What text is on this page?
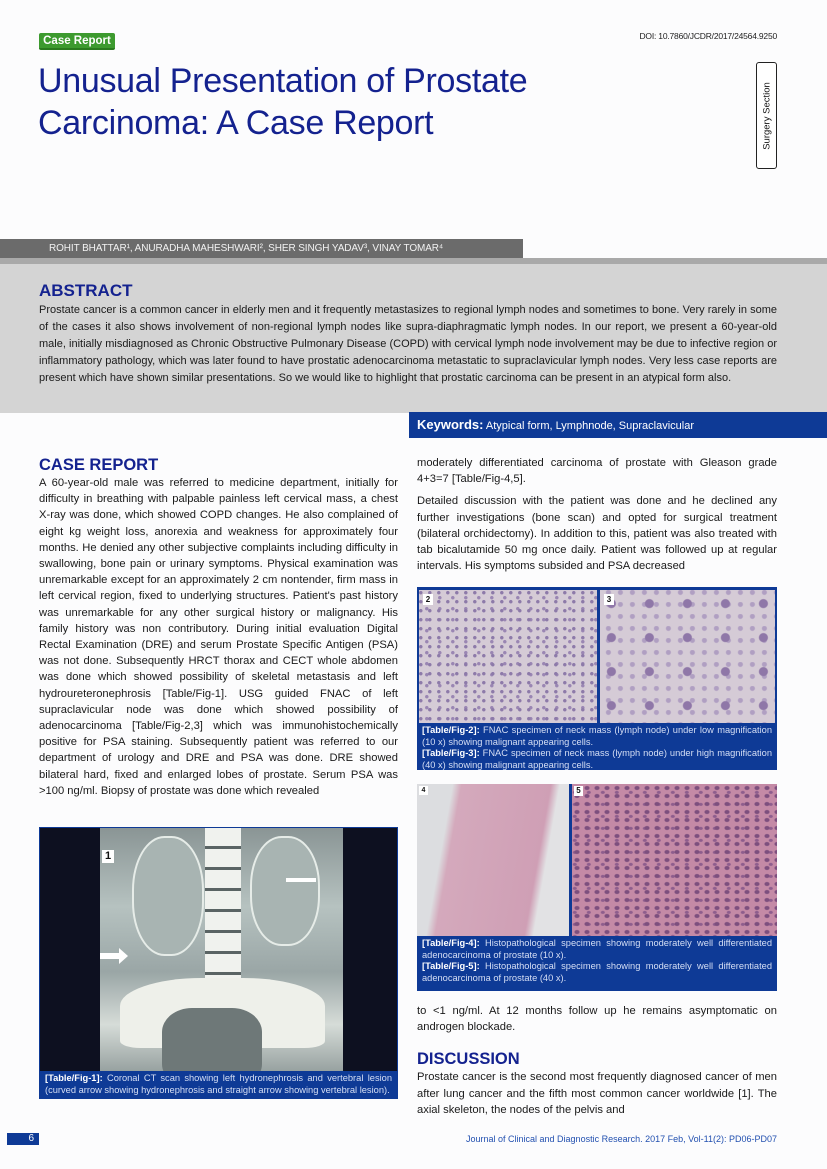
Case Report	DOI: 10.7860/JCDR/2017/24564.9250
Unusual Presentation of Prostate
Carcinoma: A Case Report	Surgery Section
ROHIT BHATTAR¹, ANURADHA MAHESHWARI², SHER SINGH YADAV³, VINAY TOMAR⁴
ABSTRACT

Prostate cancer is a common cancer in elderly men and it frequently metastasizes to regional lymph nodes and sometimes to bone. Very rarely in some of the cases it also shows involvement of non-regional lymph nodes like supra-diaphragmatic lymph nodes. In our report, we present a 60-year-old male, initially misdiagnosed as Chronic Obstructive Pulmonary Disease (COPD) with cervical lymph node involvement may be due to infective region or inflammatory pathology, which was later found to have prostatic adenocarcinoma metastatic to supraclavicular lymph nodes. Very less case reports are present which have shown similar presentations. So we would like to highlight that prostatic carcinoma can be present in an atypical form also.

Keywords: Atypical form, Lymphnode, Supraclavicular
CASE REPORT

A 60-year-old male was referred to medicine department, initially for difficulty in breathing with palpable painless left cervical mass, a chest X-ray was done, which showed COPD changes. He also complained of eight kg weight loss, anorexia and weakness for approximately four months. He denied any other subjective complaints including difficulty in swallowing, bone pain or urinary symptoms. Physical examination was unremarkable except for an approximately 2 cm nontender, firm mass in left cervical region, fixed to underlying structures. Patient's past history was unremarkable for any other surgical history or malignancy. His family history was non contributory. During initial evaluation Digital Rectal Examination (DRE) and serum Prostate Specific Antigen (PSA) was not done. Subsequently HRCT thorax and CECT whole abdomen was done which showed possibility of skeletal metastasis and left hydroureteronephrosis [Table/Fig-1]. USG guided FNAC of left supraclavicular node was done which showed possibility of adenocarcinoma [Table/Fig-2,3] which was immunohistochemically positive for PSA staining. Subsequently patient was referred to our department of urology and DRE and PSA was done. DRE showed bilateral hard, fixed and enlarged lobes of prostate. Serum PSA was >100 ng/ml. Biopsy of prostate was done which revealed

1
[Table/Fig-1]: Coronal CT scan showing left hydronephrosis and vertebral lesion (curved arrow showing hydronephrosis and straight arrow showing vertebral lesion).

moderately differentiated carcinoma of prostate with Gleason grade 4+3=7 [Table/Fig-4,5].

Detailed discussion with the patient was done and he declined any further investigations (bone scan) and opted for surgical treatment (bilateral orchidectomy). In addition to this, patient was also treated with tab bicalutamide 50 mg once daily. Patient was followed up at regular intervals. His symptoms subsided and PSA decreased

2	3
[Table/Fig-2]: FNAC specimen of neck mass (lymph node) under low magnification (10 x) showing malignant appearing cells.
[Table/Fig-3]: FNAC specimen of neck mass (lymph node) under high magnification (40 x) showing malignant appearing cells.
4	5
[Table/Fig-4]: Histopathological specimen showing moderately well differentiated adenocarcinoma of prostate (10 x).
[Table/Fig-5]: Histopathological specimen showing moderately well differentiated adenocarcinoma of prostate (40 x).

to <1 ng/ml. At 12 months follow up he remains asymptomatic on androgen blockade.

DISCUSSION

Prostate cancer is the second most frequently diagnosed cancer of men after lung cancer and the fifth most common cancer worldwide [1]. The axial skeleton, the nodes of the pelvis and

6	Journal of Clinical and Diagnostic Research. 2017 Feb, Vol-11(2): PD06-PD07
